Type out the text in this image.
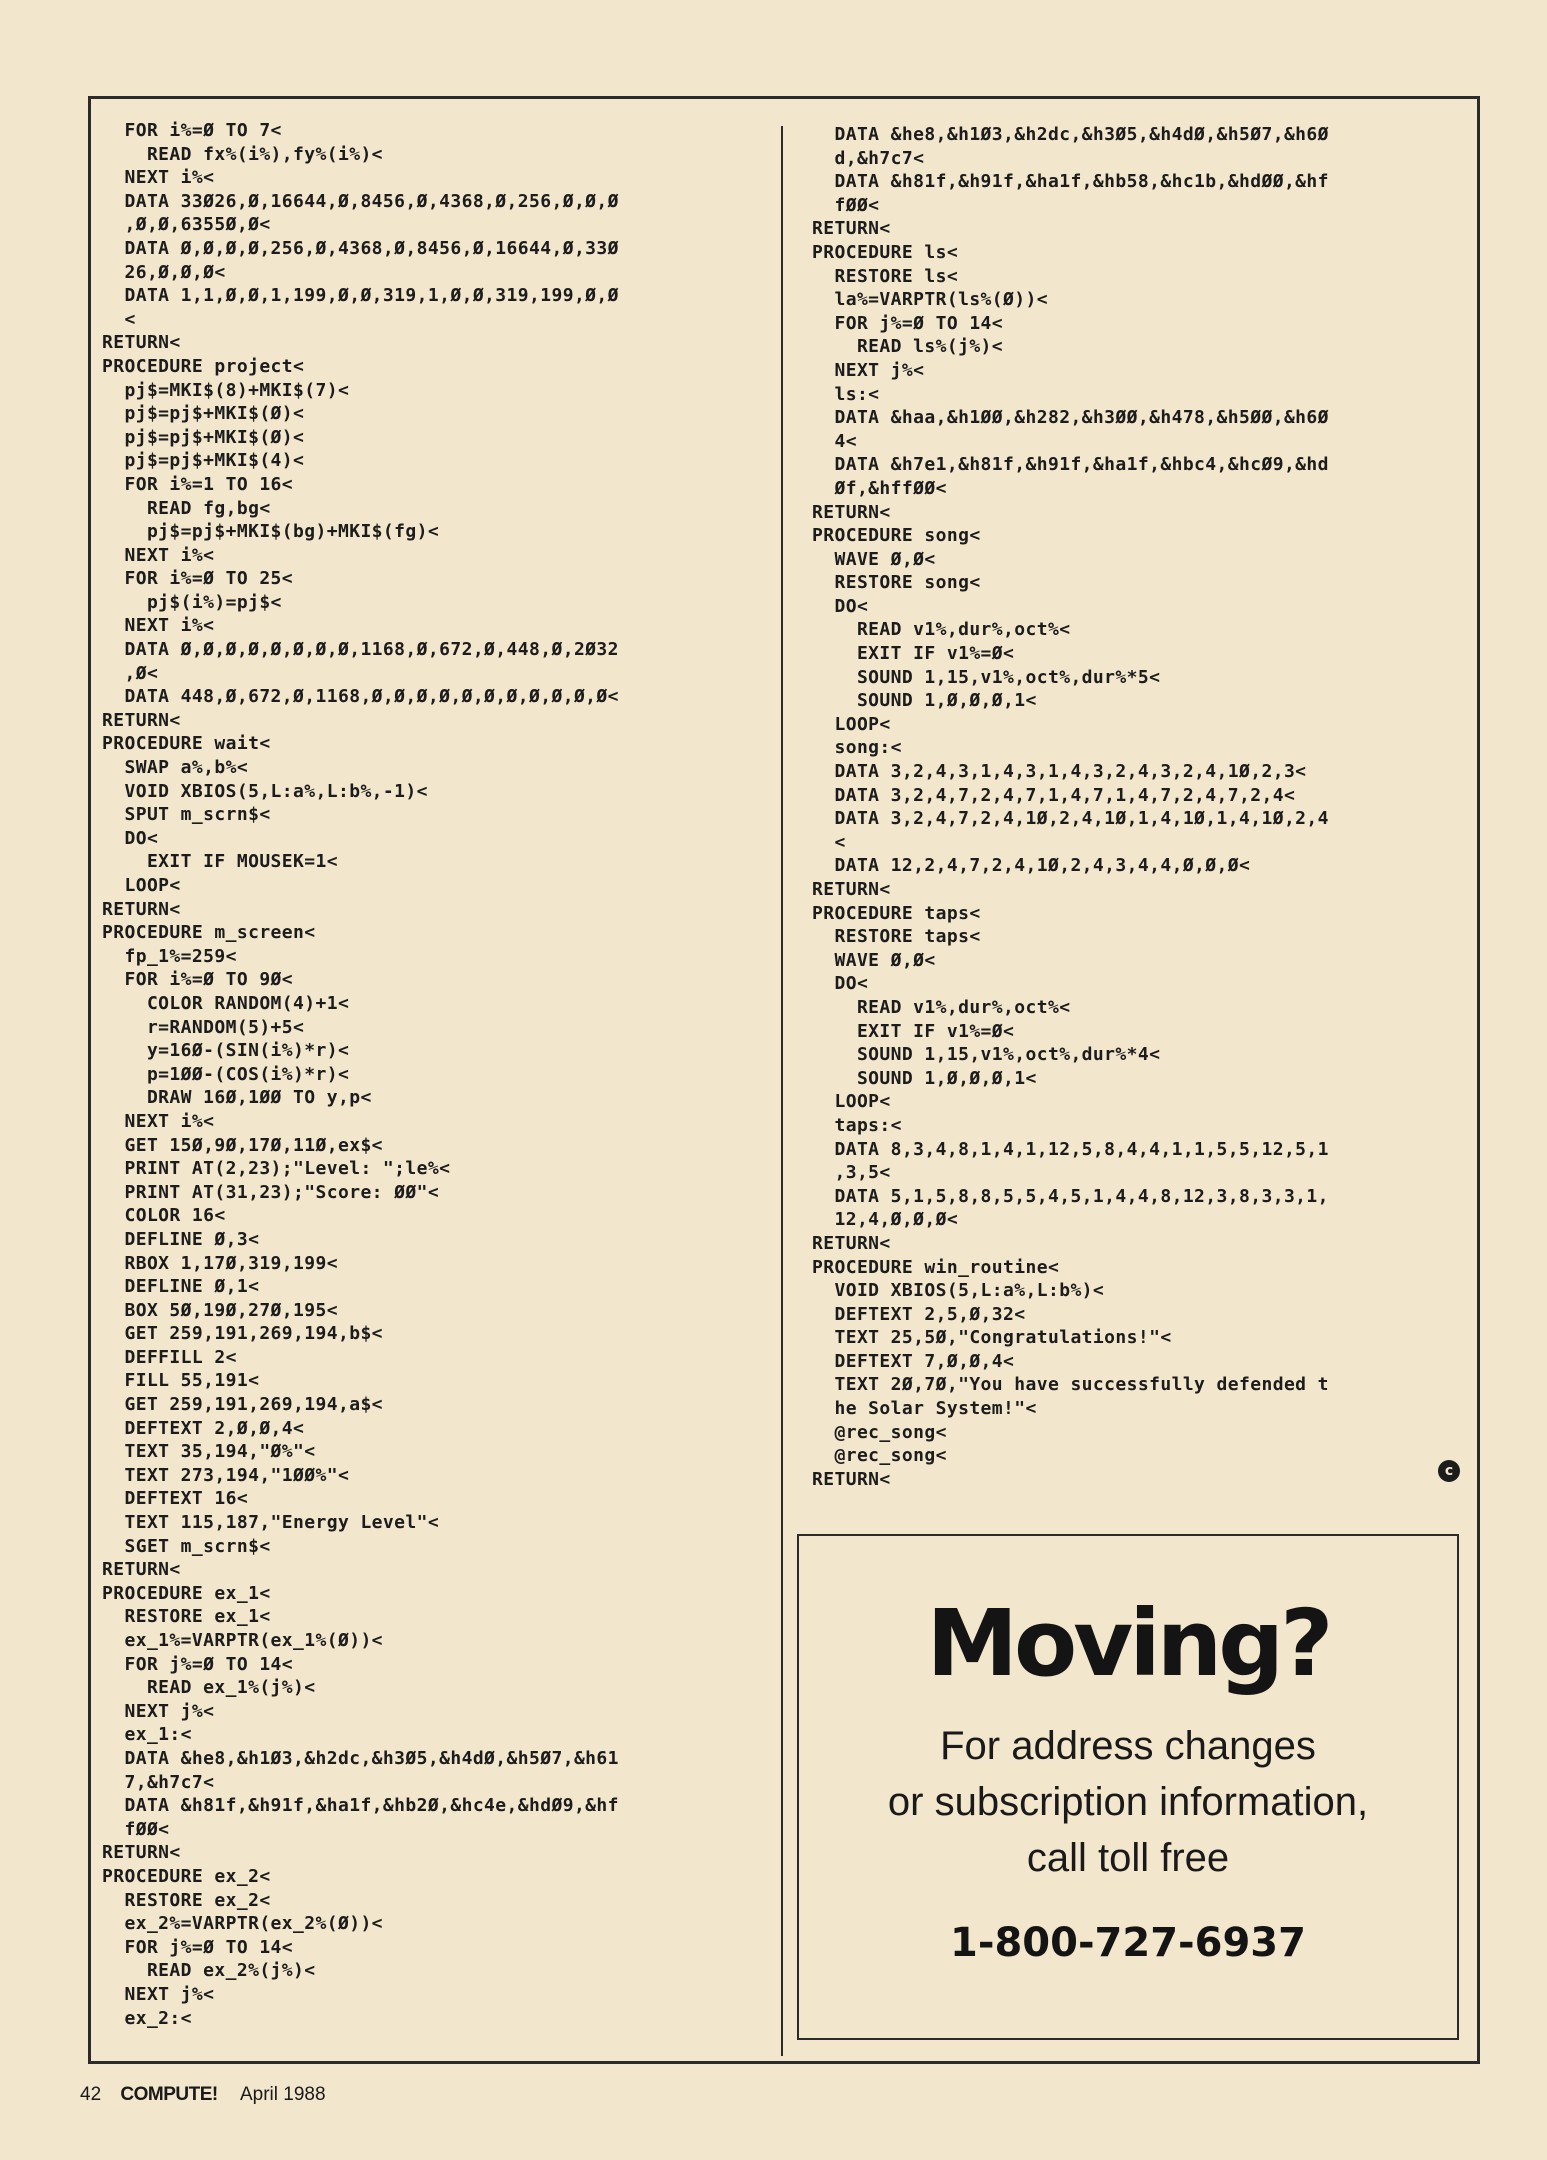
FOR i%=Ø TO 7<
READ fx%(i%),fy%(i%)<
NEXT i%<
DATA 33Ø26,Ø,16644,Ø,8456,Ø,4368,Ø,256,Ø,Ø,Ø
,Ø,Ø,6355Ø,Ø<
DATA Ø,Ø,Ø,Ø,256,Ø,4368,Ø,8456,Ø,16644,Ø,33Ø
26,Ø,Ø,Ø<
DATA 1,1,Ø,Ø,1,199,Ø,Ø,319,1,Ø,Ø,319,199,Ø,Ø
<
RETURN<
PROCEDURE project<
pj$=MKI$(8)+MKI$(7)<
pj$=pj$+MKI$(Ø)<
pj$=pj$+MKI$(Ø)<
pj$=pj$+MKI$(4)<
FOR i%=1 TO 16<
READ fg,bg<
pj$=pj$+MKI$(bg)+MKI$(fg)<
NEXT i%<
FOR i%=Ø TO 25<
pj$(i%)=pj$<
NEXT i%<
DATA Ø,Ø,Ø,Ø,Ø,Ø,Ø,Ø,1168,Ø,672,Ø,448,Ø,2Ø32
,Ø<
DATA 448,Ø,672,Ø,1168,Ø,Ø,Ø,Ø,Ø,Ø,Ø,Ø,Ø,Ø,Ø<
RETURN<
PROCEDURE wait<
SWAP a%,b%<
VOID XBIOS(5,L:a%,L:b%,-1)<
SPUT m_scrn$<
DO<
EXIT IF MOUSEK=1<
LOOP<
RETURN<
PROCEDURE m_screen<
fp_1%=259<
FOR i%=Ø TO 9Ø<
COLOR RANDOM(4)+1<
r=RANDOM(5)+5<
y=16Ø-(SIN(i%)*r)<
p=1ØØ-(COS(i%)*r)<
DRAW 16Ø,1ØØ TO y,p<
NEXT i%<
GET 15Ø,9Ø,17Ø,11Ø,ex$<
PRINT AT(2,23);"Level: ";le%<
PRINT AT(31,23);"Score: ØØ"<
COLOR 16<
DEFLINE Ø,3<
RBOX 1,17Ø,319,199<
DEFLINE Ø,1<
BOX 5Ø,19Ø,27Ø,195<
GET 259,191,269,194,b$<
DEFFILL 2<
FILL 55,191<
GET 259,191,269,194,a$<
DEFTEXT 2,Ø,Ø,4<
TEXT 35,194,"Ø%"<
TEXT 273,194,"1ØØ%"<
DEFTEXT 16<
TEXT 115,187,"Energy Level"<
SGET m_scrn$<
RETURN<
PROCEDURE ex_1<
RESTORE ex_1<
ex_1%=VARPTR(ex_1%(Ø))<
FOR j%=Ø TO 14<
READ ex_1%(j%)<
NEXT j%<
ex_1:<
DATA &he8,&h1Ø3,&h2dc,&h3Ø5,&h4dØ,&h5Ø7,&h61
7,&h7c7<
DATA &h81f,&h91f,&ha1f,&hb2Ø,&hc4e,&hdØ9,&hf
fØØ<
RETURN<
PROCEDURE ex_2<
RESTORE ex_2<
ex_2%=VARPTR(ex_2%(Ø))<
FOR j%=Ø TO 14<
READ ex_2%(j%)<
NEXT j%<
ex_2:<
DATA &he8,&h1Ø3,&h2dc,&h3Ø5,&h4dØ,&h5Ø7,&h6Ø
d,&h7c7<
DATA &h81f,&h91f,&ha1f,&hb58,&hc1b,&hdØØ,&hf
fØØ<
RETURN<
PROCEDURE ls<
RESTORE ls<
la%=VARPTR(ls%(Ø))<
FOR j%=Ø TO 14<
READ ls%(j%)<
NEXT j%<
ls:<
DATA &haa,&h1ØØ,&h282,&h3ØØ,&h478,&h5ØØ,&h6Ø
4<
DATA &h7e1,&h81f,&h91f,&ha1f,&hbc4,&hcØ9,&hd
Øf,&hffØØ<
RETURN<
PROCEDURE song<
WAVE Ø,Ø<
RESTORE song<
DO<
READ v1%,dur%,oct%<
EXIT IF v1%=Ø<
SOUND 1,15,v1%,oct%,dur%*5<
SOUND 1,Ø,Ø,Ø,1<
LOOP<
song:<
DATA 3,2,4,3,1,4,3,1,4,3,2,4,3,2,4,1Ø,2,3<
DATA 3,2,4,7,2,4,7,1,4,7,1,4,7,2,4,7,2,4<
DATA 3,2,4,7,2,4,1Ø,2,4,1Ø,1,4,1Ø,1,4,1Ø,2,4
<
DATA 12,2,4,7,2,4,1Ø,2,4,3,4,4,Ø,Ø,Ø<
RETURN<
PROCEDURE taps<
RESTORE taps<
WAVE Ø,Ø<
DO<
READ v1%,dur%,oct%<
EXIT IF v1%=Ø<
SOUND 1,15,v1%,oct%,dur%*4<
SOUND 1,Ø,Ø,Ø,1<
LOOP<
taps:<
DATA 8,3,4,8,1,4,1,12,5,8,4,4,1,1,5,5,12,5,1
,3,5<
DATA 5,1,5,8,8,5,5,4,5,1,4,4,8,12,3,8,3,3,1,
12,4,Ø,Ø,Ø<
RETURN<
PROCEDURE win_routine<
VOID XBIOS(5,L:a%,L:b%)<
DEFTEXT 2,5,Ø,32<
TEXT 25,5Ø,"Congratulations!"<
DEFTEXT 7,Ø,Ø,4<
TEXT 2Ø,7Ø,"You have successfully defended t
he Solar System!"<
@rec_song<
@rec_song<
RETURN<	c
Moving?
For address changes
or subscription information,
call toll free
1-800-727-6937
42 COMPUTE! April 1988
